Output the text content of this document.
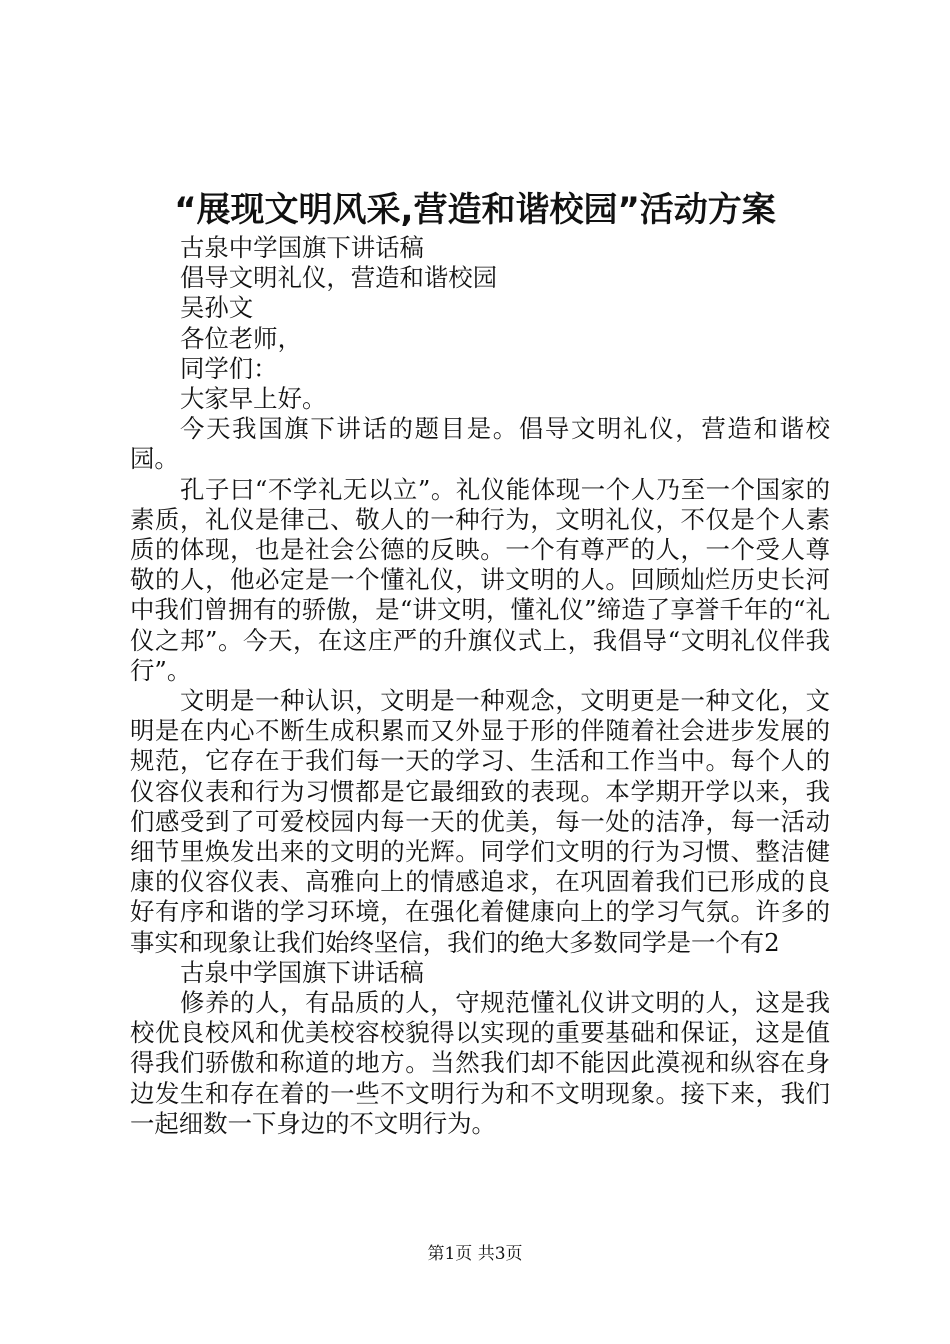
“展现文明风采,营造和谐校园”活动方案
古泉中学国旗下讲话稿
倡导文明礼仪，营造和谐校园
吴孙文
各位老师，
同学们：
大家早上好。

今天我国旗下讲话的题目是。倡导文明礼仪，营造和谐校园。

孔子曰“不学礼无以立”。礼仪能体现一个人乃至一个国家的素质，礼仪是律己、敬人的一种行为，文明礼仪，不仅是个人素质的体现，也是社会公德的反映。一个有尊严的人，一个受人尊敬的人，他必定是一个懂礼仪，讲文明的人。回顾灿烂历史长河中我们曾拥有的骄傲，是“讲文明，懂礼仪”缔造了享誉千年的“礼仪之邦”。今天，在这庄严的升旗仪式上，我倡导“文明礼仪伴我行”。

文明是一种认识，文明是一种观念，文明更是一种文化，文明是在内心不断生成积累而又外显于形的伴随着社会进步发展的规范，它存在于我们每一天的学习、生活和工作当中。每个人的仪容仪表和行为习惯都是它最细致的表现。本学期开学以来，我们感受到了可爱校园内每一天的优美，每一处的洁净，每一活动细节里焕发出来的文明的光辉。同学们文明的行为习惯、整洁健康的仪容仪表、高雅向上的情感追求，在巩固着我们已形成的良好有序和谐的学习环境，在强化着健康向上的学习气氛。许多的事实和现象让我们始终坚信，我们的绝大多数同学是一个有2

古泉中学国旗下讲话稿

修养的人，有品质的人，守规范懂礼仪讲文明的人，这是我校优良校风和优美校容校貌得以实现的重要基础和保证，这是值得我们骄傲和称道的地方。当然我们却不能因此漠视和纵容在身边发生和存在着的一些不文明行为和不文明现象。接下来，我们一起细数一下身边的不文明行为。

第1页 共3页
